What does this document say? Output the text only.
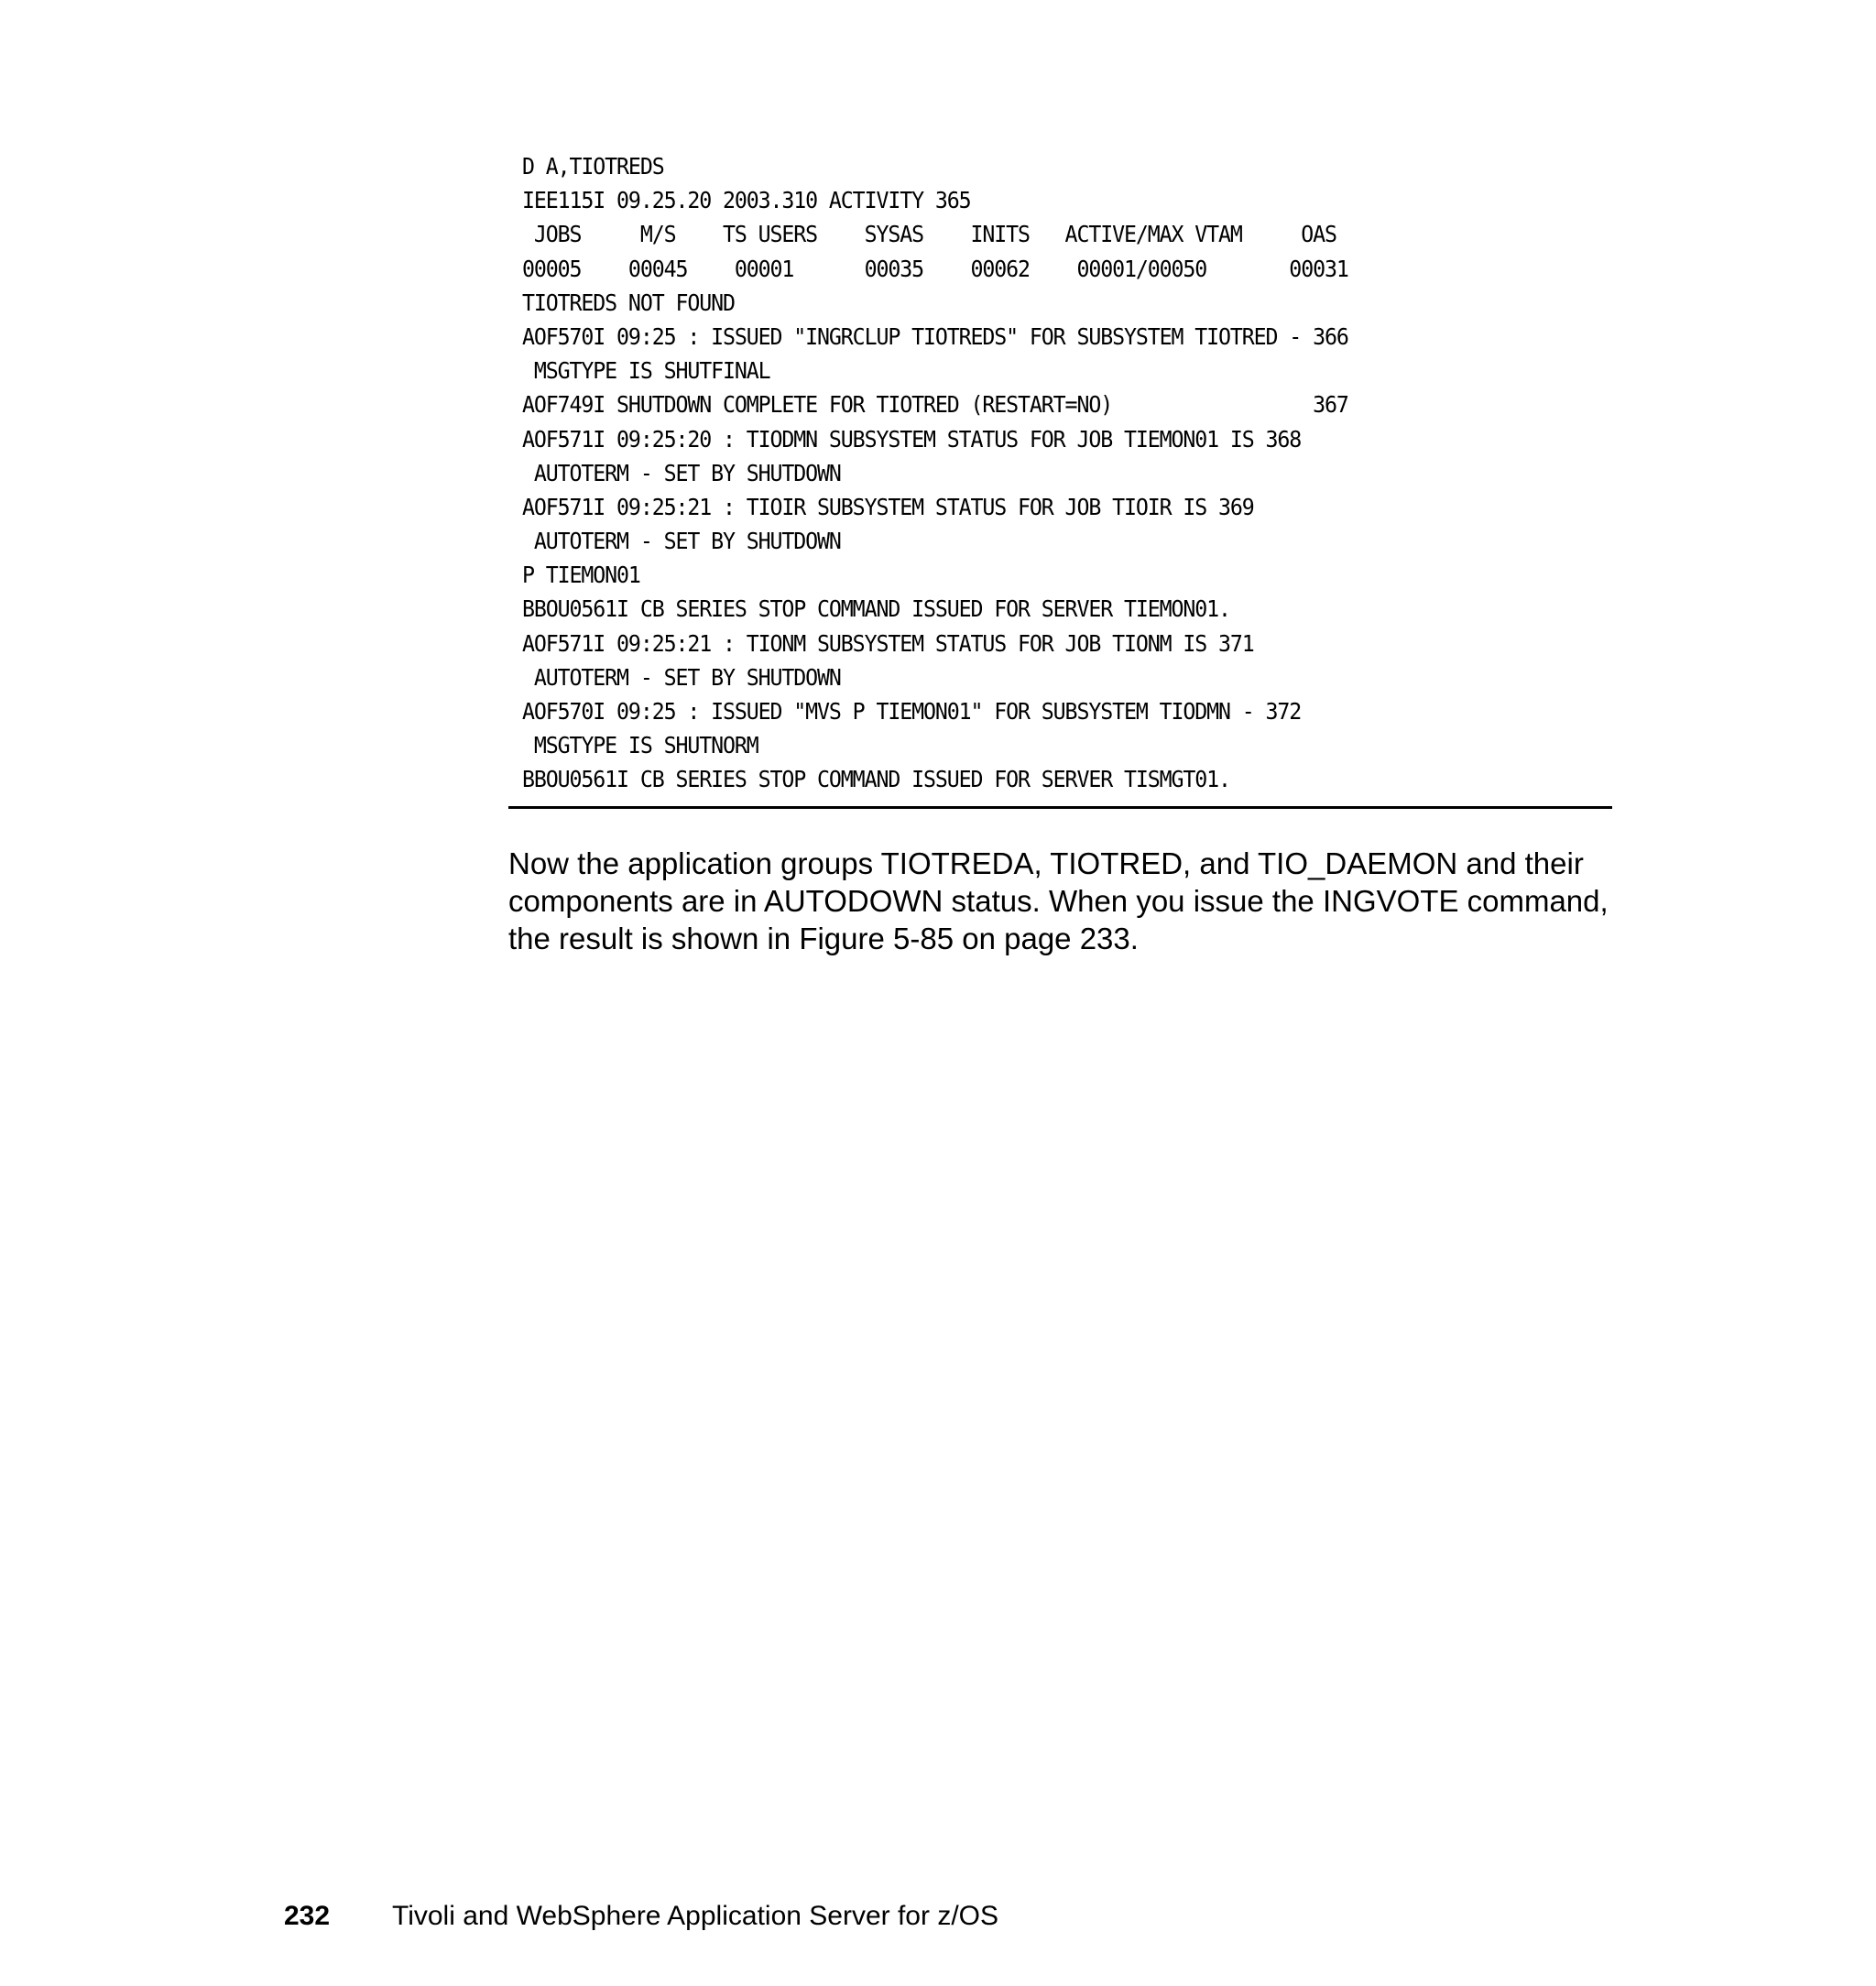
D A,TIOTREDS
IEE115I 09.25.20 2003.310 ACTIVITY 365
JOBS     M/S    TS USERS    SYSAS    INITS   ACTIVE/MAX VTAM     OAS
00005    00045    00001      00035    00062    00001/00050       00031
TIOTREDS NOT FOUND
AOF570I 09:25 : ISSUED "INGRCLUP TIOTREDS" FOR SUBSYSTEM TIOTRED - 366
MSGTYPE IS SHUTFINAL
AOF749I SHUTDOWN COMPLETE FOR TIOTRED (RESTART=NO)                 367
AOF571I 09:25:20 : TIODMN SUBSYSTEM STATUS FOR JOB TIEMON01 IS 368
AUTOTERM - SET BY SHUTDOWN
AOF571I 09:25:21 : TIOIR SUBSYSTEM STATUS FOR JOB TIOIR IS 369
AUTOTERM - SET BY SHUTDOWN
P TIEMON01
BBOU0561I CB SERIES STOP COMMAND ISSUED FOR SERVER TIEMON01.
AOF571I 09:25:21 : TIONM SUBSYSTEM STATUS FOR JOB TIONM IS 371
AUTOTERM - SET BY SHUTDOWN
AOF570I 09:25 : ISSUED "MVS P TIEMON01" FOR SUBSYSTEM TIODMN - 372
MSGTYPE IS SHUTNORM
BBOU0561I CB SERIES STOP COMMAND ISSUED FOR SERVER TISMGT01.

Now the application groups TIOTREDA, TIOTRED, and TIO_DAEMON and their components are in AUTODOWN status. When you issue the INGVOTE command, the result is shown in Figure 5-85 on page 233.

232 Tivoli and WebSphere Application Server for z/OS
